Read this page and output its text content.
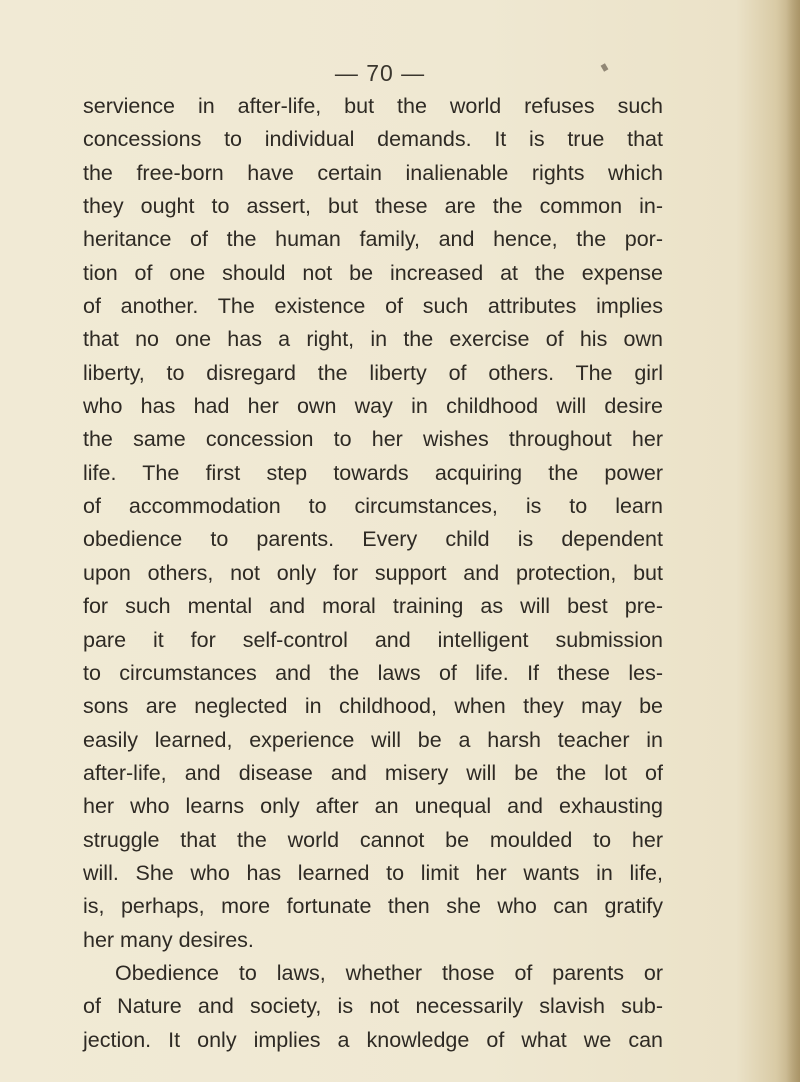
— 70 —
servience in after-life, but the world refuses such
concessions to individual demands. It is true that
the free-born have certain inalienable rights which
they ought to assert, but these are the common in-
heritance of the human family, and hence, the por-
tion of one should not be increased at the expense
of another. The existence of such attributes implies
that no one has a right, in the exercise of his own
liberty, to disregard the liberty of others. The girl
who has had her own way in childhood will desire
the same concession to her wishes throughout her
life. The first step towards acquiring the power
of accommodation to circumstances, is to learn
obedience to parents. Every child is dependent
upon others, not only for support and protection, but
for such mental and moral training as will best pre-
pare it for self-control and intelligent submission
to circumstances and the laws of life. If these les-
sons are neglected in childhood, when they may be
easily learned, experience will be a harsh teacher in
after-life, and disease and misery will be the lot of
her who learns only after an unequal and exhausting
struggle that the world cannot be moulded to her
will. She who has learned to limit her wants in life,
is, perhaps, more fortunate then she who can gratify
her many desires.
Obedience to laws, whether those of parents or
of Nature and society, is not necessarily slavish sub-
jection. It only implies a knowledge of what we can
